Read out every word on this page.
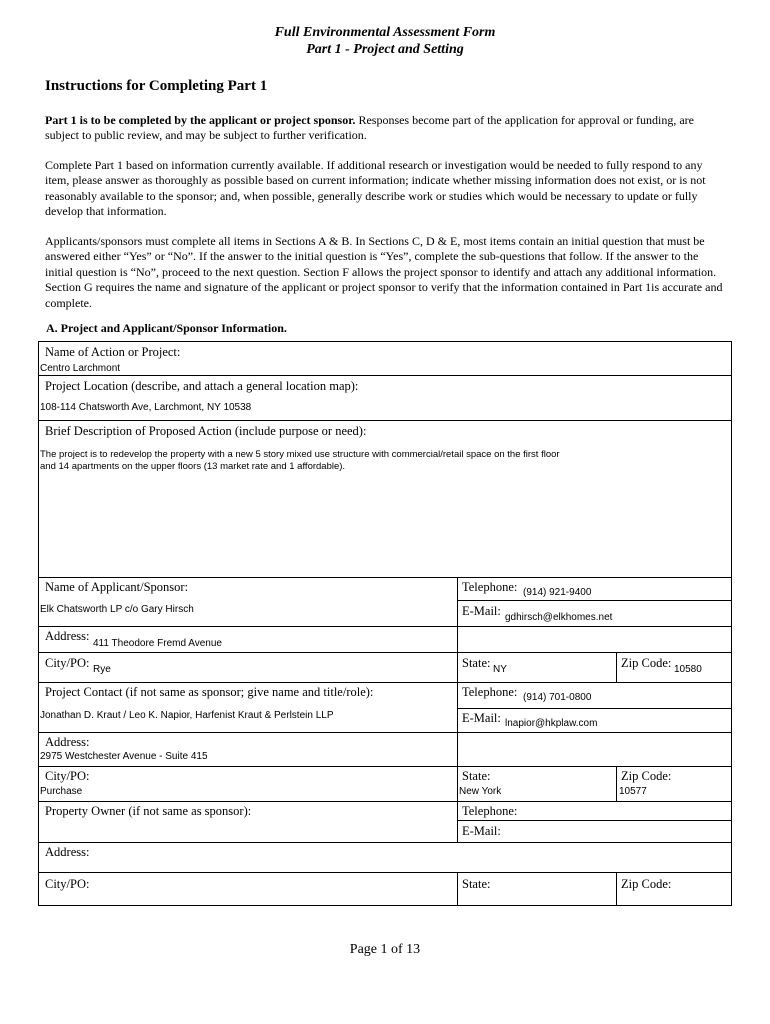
Full Environmental Assessment Form
Part 1 - Project and Setting
Instructions for Completing Part 1
Part 1 is to be completed by the applicant or project sponsor. Responses become part of the application for approval or funding, are subject to public review, and may be subject to further verification.
Complete Part 1 based on information currently available. If additional research or investigation would be needed to fully respond to any item, please answer as thoroughly as possible based on current information; indicate whether missing information does not exist, or is not reasonably available to the sponsor; and, when possible, generally describe work or studies which would be necessary to update or fully develop that information.
Applicants/sponsors must complete all items in Sections A & B. In Sections C, D & E, most items contain an initial question that must be answered either “Yes” or “No”. If the answer to the initial question is “Yes”, complete the sub-questions that follow. If the answer to the initial question is “No”, proceed to the next question. Section F allows the project sponsor to identify and attach any additional information. Section G requires the name and signature of the applicant or project sponsor to verify that the information contained in Part 1is accurate and complete.
A. Project and Applicant/Sponsor Information.
Name of Action or Project:
Centro Larchmont
Project Location (describe, and attach a general location map):
108-114 Chatsworth Ave, Larchmont, NY 10538
Brief Description of Proposed Action (include purpose or need):
The project is to redevelop the property with a new 5 story mixed use structure with commercial/retail space on the first floor
and 14 apartments on the upper floors (13 market rate and 1 affordable).
Name of Applicant/Sponsor:
Elk Chatsworth LP c/o Gary Hirsch
Telephone: (914) 921-9400
E-Mail: gdhirsch@elkhomes.net
Address:
411 Theodore Fremd Avenue
City/PO: Rye	State: NY	Zip Code: 10580
Project Contact (if not same as sponsor; give name and title/role):
Jonathan D. Kraut / Leo K. Napior, Harfenist Kraut & Perlstein LLP
Telephone: (914) 701-0800
E-Mail: lnapior@hkplaw.com
Address:
2975 Westchester Avenue - Suite 415
City/PO:
Purchase
State:
New York
Zip Code:
10577
Property Owner (if not same as sponsor):	Telephone:
E-Mail:
Address:
City/PO:	State:	Zip Code:
Page 1 of 13
